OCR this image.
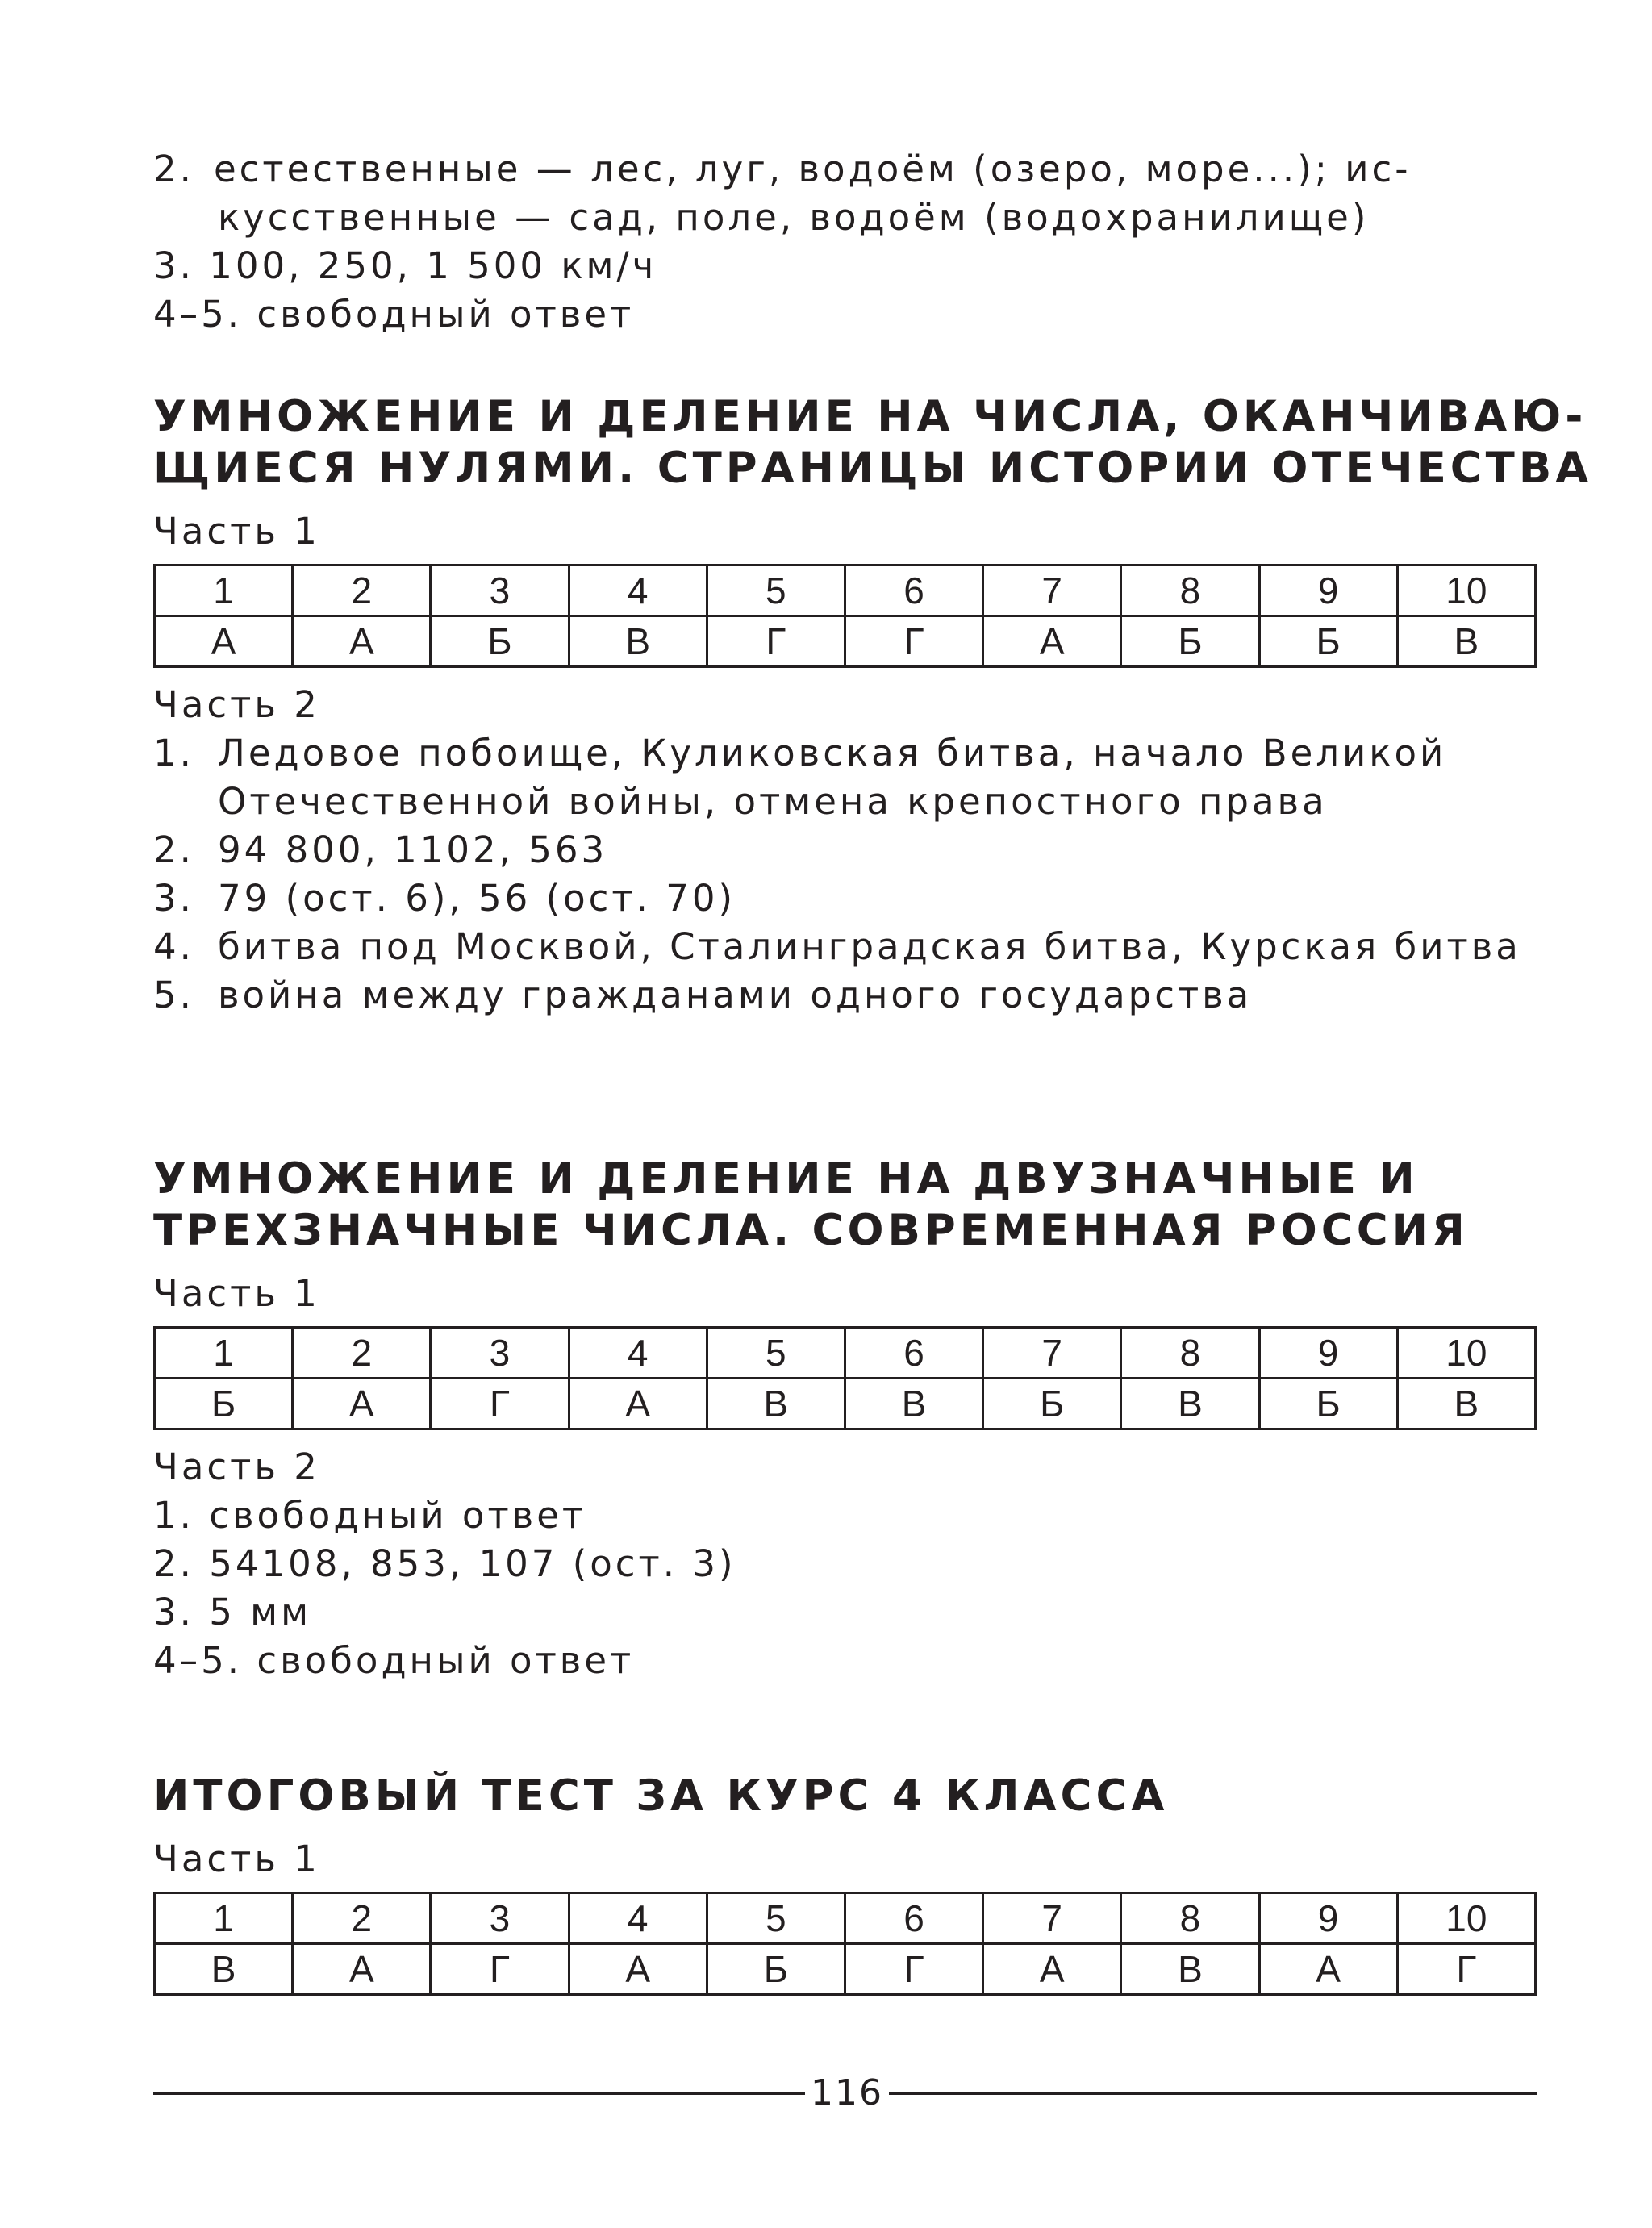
2. естественные — лес, луг, водоём (озеро, море...); ис-
кусственные — сад, поле, водоём (водохранилище)
3. 100, 250, 1 500 км/ч
4–5. свободный ответ
УМНОЖЕНИЕ И ДЕЛЕНИЕ НА ЧИСЛА, ОКАНЧИВАЮ-
ЩИЕСЯ НУЛЯМИ. СТРАНИЦЫ ИСТОРИИ ОТЕЧЕСТВА
Часть 1
1	2	3	4	5	6	7	8	9	10
А	А	Б	В	Г	Г	А	Б	Б	В
Часть 2
1. Ледовое побоище, Куликовская битва, начало Великой Отечественной войны, отмена крепостного права
2. 94 800, 1102, 563
3. 79 (ост. 6), 56 (ост. 70)
4. битва под Москвой, Сталинградская битва, Курская битва
5. война между гражданами одного государства
УМНОЖЕНИЕ И ДЕЛЕНИЕ НА ДВУЗНАЧНЫЕ И
ТРЕХЗНАЧНЫЕ ЧИСЛА. СОВРЕМЕННАЯ РОССИЯ
Часть 1
1	2	3	4	5	6	7	8	9	10
Б	А	Г	А	В	В	Б	В	Б	В
Часть 2
1. свободный ответ
2. 54108, 853, 107 (ост. 3)
3. 5 мм
4–5. свободный ответ
ИТОГОВЫЙ ТЕСТ ЗА КУРС 4 КЛАССА
Часть 1
1	2	3	4	5	6	7	8	9	10
В	А	Г	А	Б	Г	А	В	А	Г
116
